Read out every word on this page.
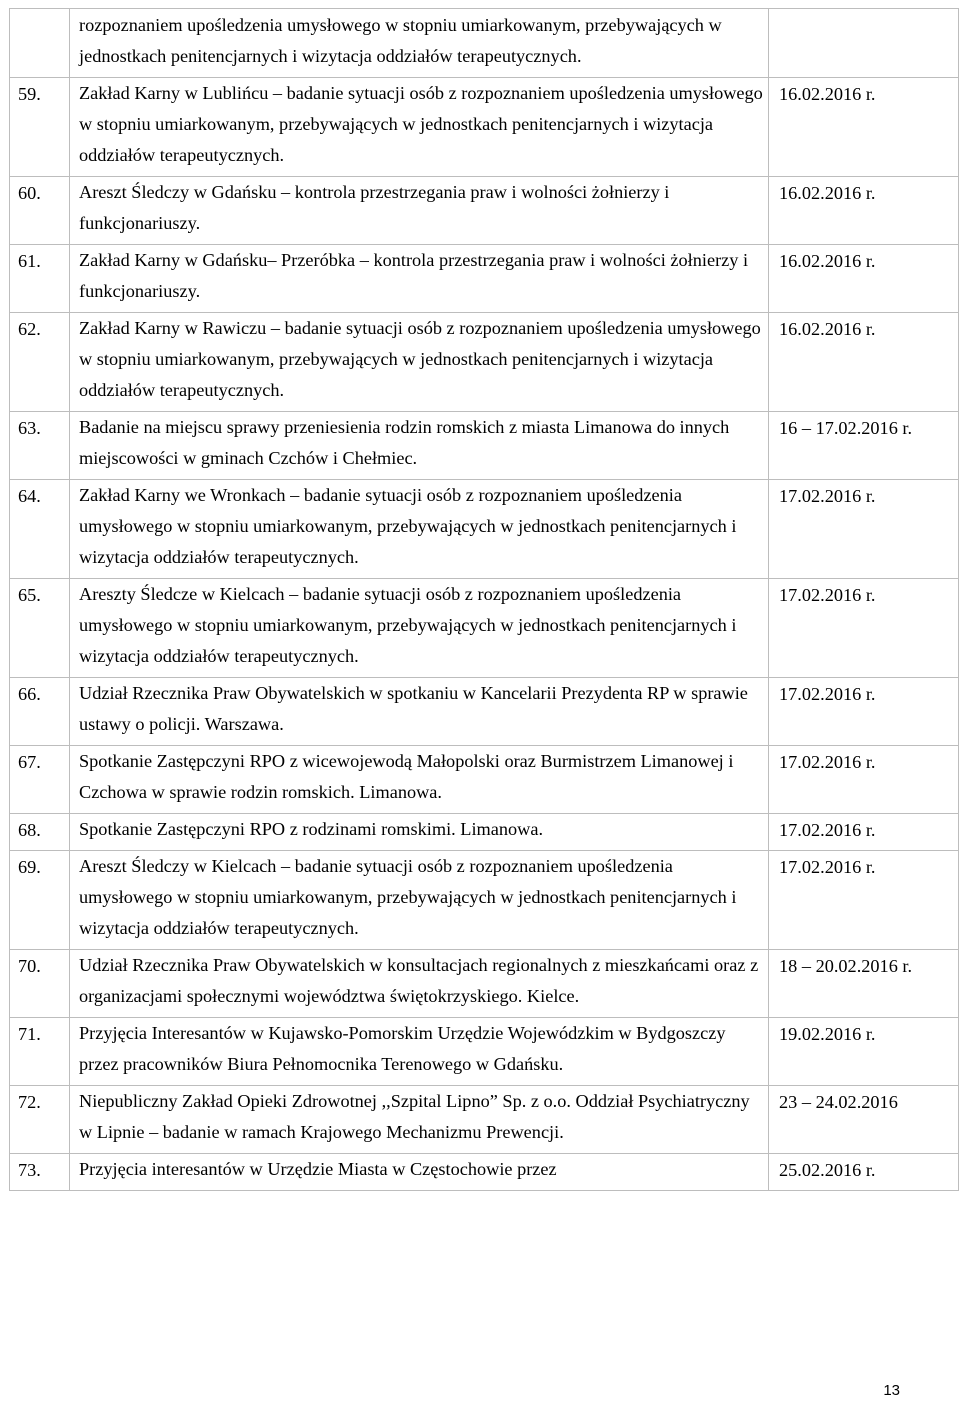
	rozpoznaniem upośledzenia umysłowego w stopniu umiarkowanym, przebywających w jednostkach penitencjarnych i wizytacja oddziałów terapeutycznych.	
59.	Zakład Karny w Lublińcu – badanie sytuacji osób z rozpoznaniem upośledzenia umysłowego w stopniu umiarkowanym, przebywających w jednostkach penitencjarnych i wizytacja oddziałów terapeutycznych.	16.02.2016 r.
60.	Areszt Śledczy w Gdańsku – kontrola przestrzegania praw i wolności żołnierzy i funkcjonariuszy.	16.02.2016 r.
61.	Zakład Karny w Gdańsku– Przeróbka – kontrola przestrzegania praw i wolności żołnierzy i funkcjonariuszy.	16.02.2016 r.
62.	Zakład Karny w Rawiczu – badanie sytuacji osób z rozpoznaniem upośledzenia umysłowego w stopniu umiarkowanym, przebywających w jednostkach penitencjarnych i wizytacja oddziałów terapeutycznych.	16.02.2016 r.
63.	Badanie na miejscu sprawy przeniesienia rodzin romskich z miasta Limanowa do innych miejscowości w gminach Czchów i Chełmiec.	16 – 17.02.2016 r.
64.	Zakład Karny we Wronkach – badanie sytuacji osób z rozpoznaniem upośledzenia umysłowego w stopniu umiarkowanym, przebywających w jednostkach penitencjarnych i wizytacja oddziałów terapeutycznych.	17.02.2016 r.
65.	Areszty Śledcze w Kielcach – badanie sytuacji osób z rozpoznaniem upośledzenia umysłowego w stopniu umiarkowanym, przebywających w jednostkach penitencjarnych i wizytacja oddziałów terapeutycznych.	17.02.2016 r.
66.	Udział Rzecznika Praw Obywatelskich w spotkaniu w Kancelarii Prezydenta RP w sprawie ustawy o policji. Warszawa.	17.02.2016 r.
67.	Spotkanie Zastępczyni RPO z wicewojewodą Małopolski oraz Burmistrzem Limanowej i Czchowa w sprawie rodzin romskich. Limanowa.	17.02.2016 r.
68.	Spotkanie Zastępczyni RPO z rodzinami romskimi. Limanowa.	17.02.2016 r.
69.	Areszt Śledczy w Kielcach – badanie sytuacji osób z rozpoznaniem upośledzenia umysłowego w stopniu umiarkowanym, przebywających w jednostkach penitencjarnych i wizytacja oddziałów terapeutycznych.	17.02.2016 r.
70.	Udział Rzecznika Praw Obywatelskich w konsultacjach regionalnych z mieszkańcami oraz z organizacjami społecznymi województwa świętokrzyskiego. Kielce.	18 – 20.02.2016 r.
71.	Przyjęcia Interesantów w Kujawsko-Pomorskim Urzędzie Wojewódzkim w Bydgoszczy przez pracowników Biura Pełnomocnika Terenowego w Gdańsku.	19.02.2016 r.
72.	Niepubliczny Zakład Opieki Zdrowotnej ,,Szpital Lipno” Sp. z o.o. Oddział Psychiatryczny w Lipnie – badanie w ramach Krajowego Mechanizmu Prewencji.	23 – 24.02.2016
73.	Przyjęcia interesantów w Urzędzie Miasta w Częstochowie przez	25.02.2016 r.
13
